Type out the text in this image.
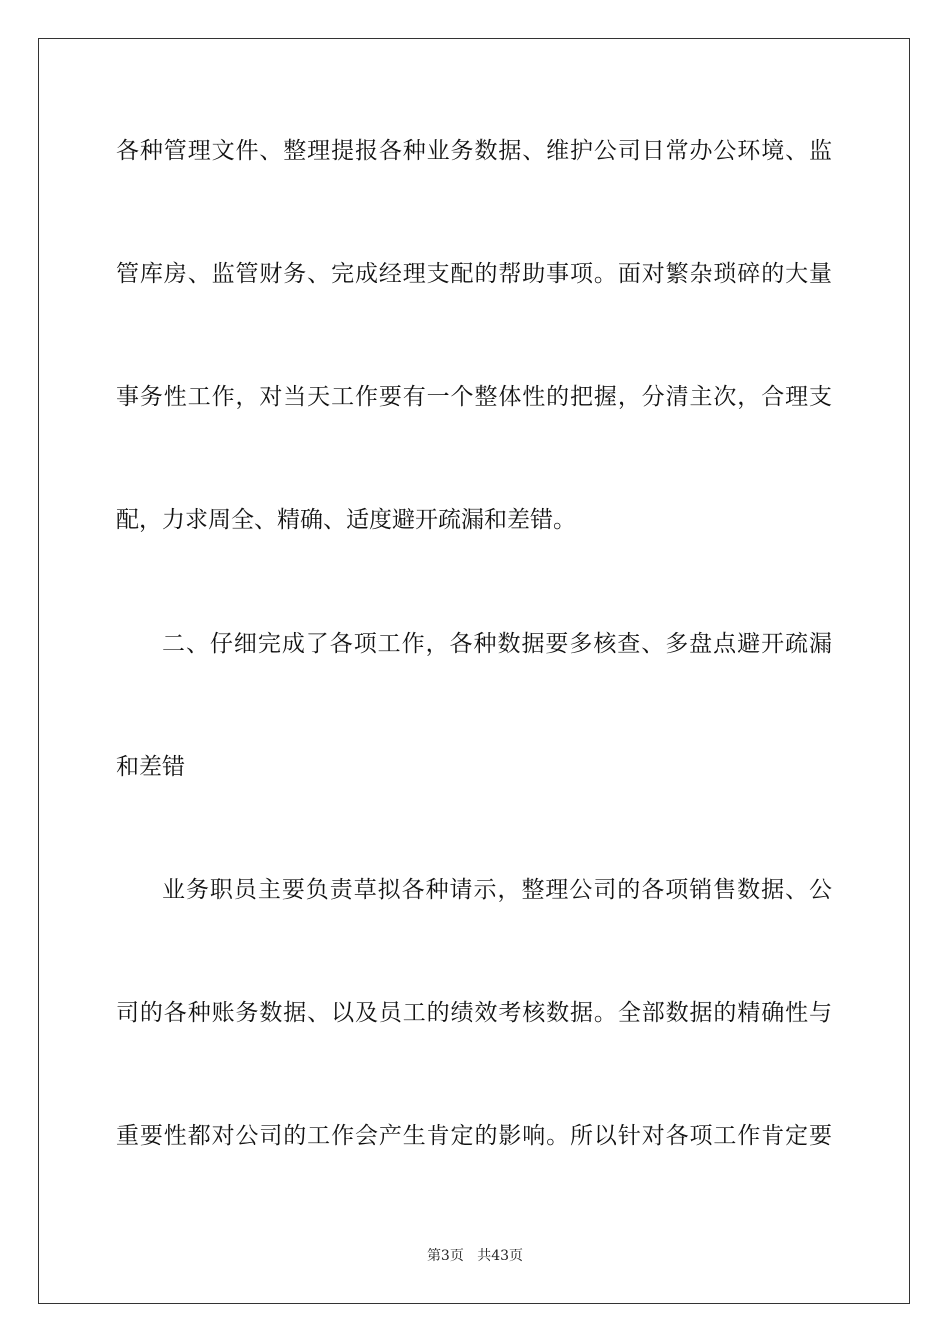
各种管理文件、整理提报各种业务数据、维护公司日常办公环境、监
管库房、监管财务、完成经理支配的帮助事项。面对繁杂琐碎的大量
事务性工作，对当天工作要有一个整体性的把握，分清主次，合理支
配，力求周全、精确、适度避开疏漏和差错。
二、仔细完成了各项工作，各种数据要多核查、多盘点避开疏漏
和差错
业务职员主要负责草拟各种请示，整理公司的各项销售数据、公
司的各种账务数据、以及员工的绩效考核数据。全部数据的精确性与
重要性都对公司的工作会产生肯定的影响。所以针对各项工作肯定要
第3页 共43页
